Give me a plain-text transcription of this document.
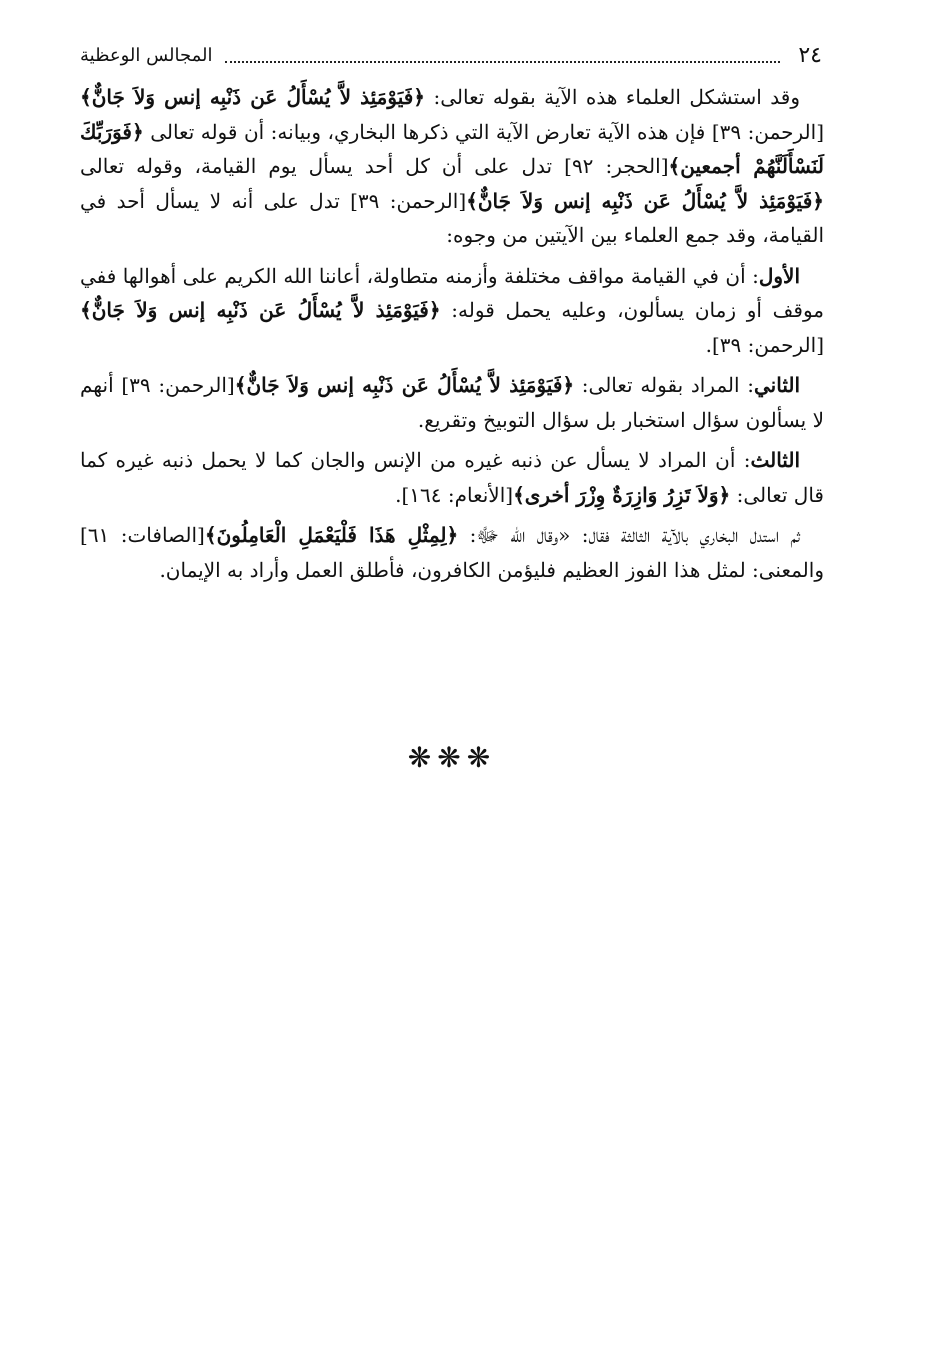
٢٤
المجالس الوعظية

وقد استشكل العلماء هذه الآية بقوله تعالى: ﴿فَيَوْمَئِذ لاَّ يُسْأَلُ عَن ذَنْبِه إنس وَلاَ جَانٌّ﴾[الرحمن: ٣٩] فإن هذه الآية تعارض الآية التي ذكرها البخاري، وبيانه: أن قوله تعالى ﴿فَوَرَبِّكَ لَنَسْأَلَنَّهُمْ أجمعين﴾[الحجر: ٩٢] تدل على أن كل أحد يسأل يوم القيامة، وقوله تعالى ﴿فَيَوْمَئِذ لاَّ يُسْأَلُ عَن ذَنْبِه إنس وَلاَ جَانٌّ﴾[الرحمن: ٣٩] تدل على أنه لا يسأل أحد في القيامة، وقد جمع العلماء بين الآيتين من وجوه:

الأول: أن في القيامة مواقف مختلفة وأزمنه متطاولة، أعاننا الله الكريم على أهوالها ففي موقف أو زمان يسألون، وعليه يحمل قوله: ﴿فَيَوْمَئِذ لاَّ يُسْأَلُ عَن ذَنْبِه إنس وَلاَ جَانٌّ﴾[الرحمن: ٣٩].

الثاني: المراد بقوله تعالى: ﴿فَيَوْمَئِذ لاَّ يُسْأَلُ عَن ذَنْبِه إنس وَلاَ جَانٌّ﴾[الرحمن: ٣٩] أنهم لا يسألون سؤال استخبار بل سؤال التوبيخ وتقريع.

الثالث: أن المراد لا يسأل عن ذنبه غيره من الإنس والجان كما لا يحمل ذنبه غيره كما قال تعالى: ﴿وَلاَ تَزِرُ وَازِرَةٌ وِزْرَ أخرى﴾[الأنعام: ١٦٤].

ثم استدل البخاري بالآية الثالثة فقال: «وقال الله ﷻ: ﴿لِمِثْلِ هَذَا فَلْيَعْمَلِ الْعَامِلُونَ﴾[الصافات: ٦١] والمعنى: لمثل هذا الفوز العظيم فليؤمن الكافرون، فأطلق العمل وأراد به الإيمان.

❋❋❋
